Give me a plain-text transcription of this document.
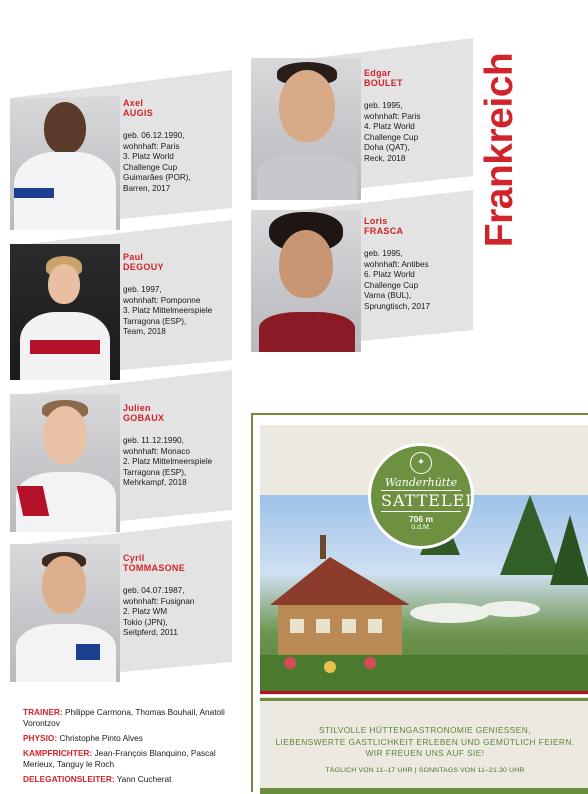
Frankreich
Axel
AUGIS
geb. 06.12.1990,
wohnhaft: Paris
3. Platz World
Challenge Cup
Guimarães (POR),
Barren, 2017
Paul
DEGOUY
geb. 1997,
wohnhaft: Pomponne
3. Platz Mittelmeerspiele
Tarragona (ESP),
Team, 2018
Julien
GOBAUX
geb. 11.12.1990,
wohnhaft: Monaco
2. Platz Mittelmeerspiele
Tarragona (ESP),
Mehrkampf, 2018
Cyril
TOMMASONE
geb. 04.07.1987,
wohnhaft: Fusignan
2. Platz WM
Tokio (JPN),
Seitpferd, 2011
Edgar
BOULET
geb. 1995,
wohnhaft: Paris
4. Platz World
Challenge Cup
Doha (QAT),
Reck, 2018
Loris
FRASCA
geb. 1995,
wohnhaft: Antibes
6. Platz World
Challenge Cup
Varna (BUL),
Sprungtisch, 2017

TRAINER: Philippe Carmona, Thomas Bouhail, Anatoli Vorontzov

PHYSIO: Christophe Pinto Alves

KAMPFRICHTER: Jean-François Blanquino, Pascal Merieux, Tanguy le Roch

DELEGATIONSLEITER: Yann Cucherat

✦
Wanderhütte
SATTELEI
706 m
ü.d.M.
STILVOLLE HÜTTENGASTRONOMIE GENIESSEN,
LIEBENSWERTE GASTLICHKEIT ERLEBEN UND GEMÜTLICH FEIERN.
WIR FREUEN UNS AUF SIE!
TÄGLICH VON 11–17 UHR | SONNTAGS VON 11–21.30 UHR
